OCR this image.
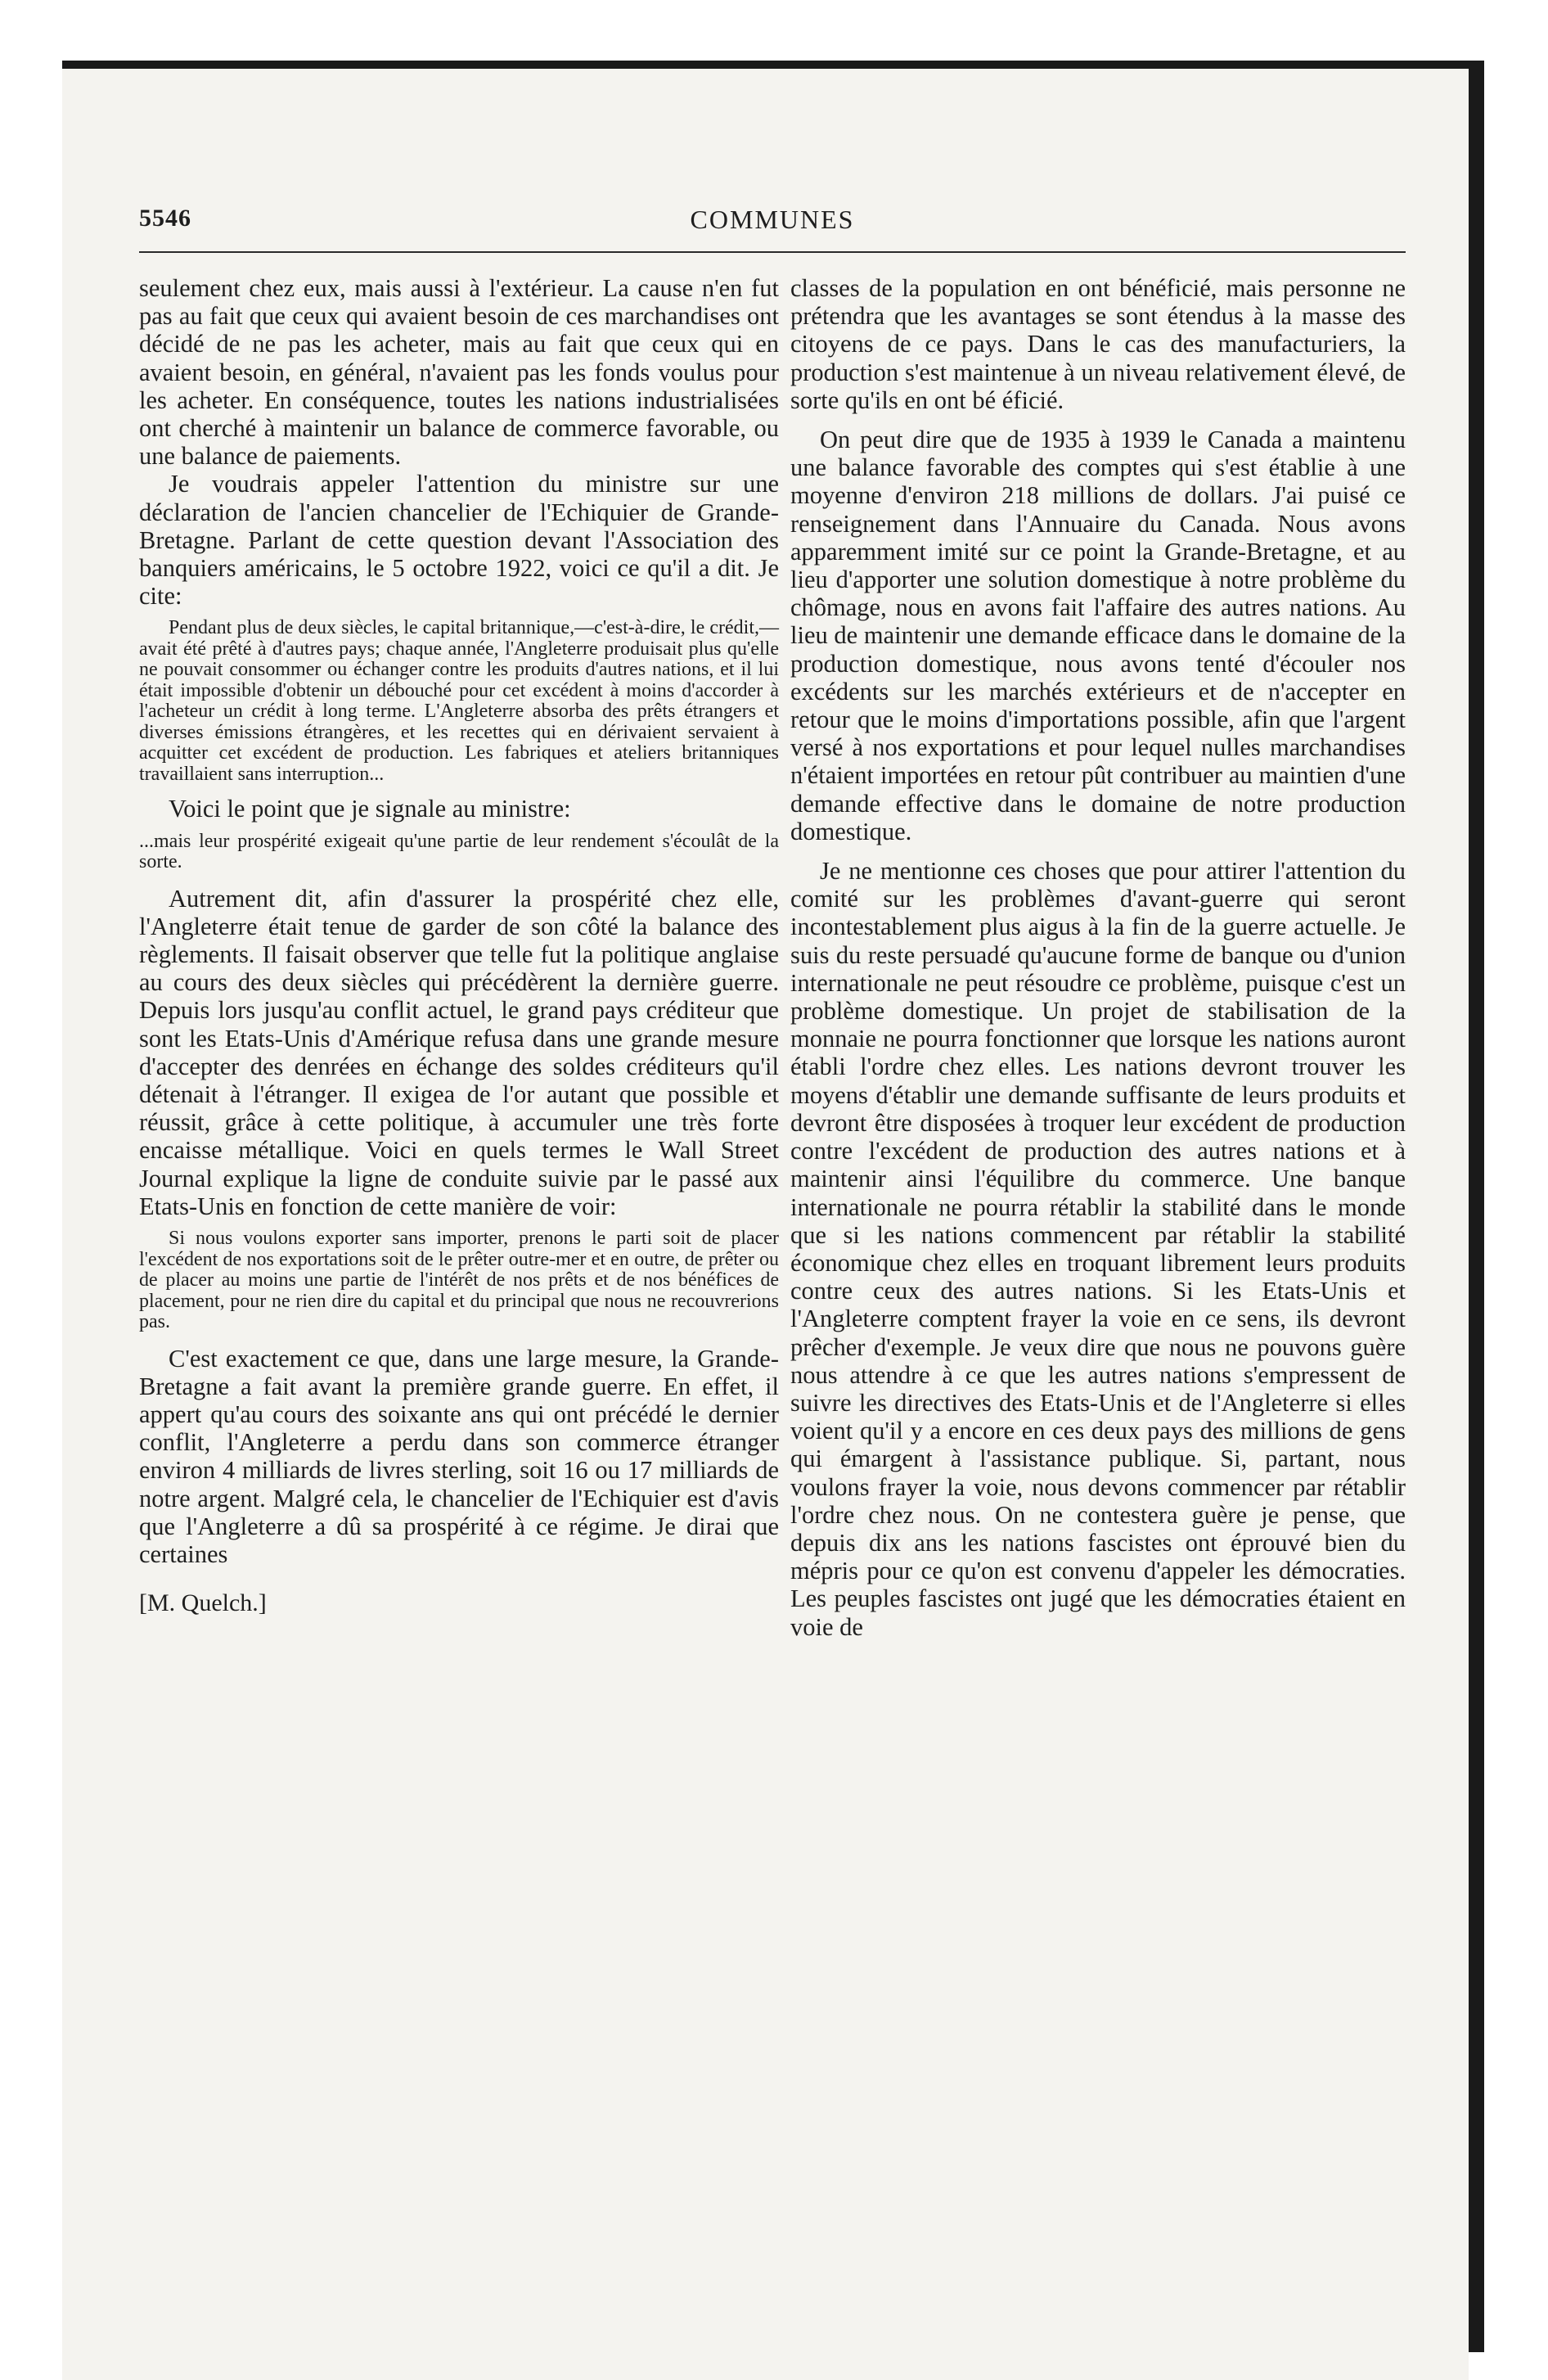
5546	COMMUNES

seulement chez eux, mais aussi à l'extérieur. La cause n'en fut pas au fait que ceux qui avaient besoin de ces marchandises ont décidé de ne pas les acheter, mais au fait que ceux qui en avaient besoin, en général, n'avaient pas les fonds voulus pour les acheter. En conséquence, toutes les nations industrialisées ont cherché à maintenir un balance de commerce favorable, ou une balance de paiements.

Je voudrais appeler l'attention du ministre sur une déclaration de l'ancien chancelier de l'Echiquier de Grande-Bretagne. Parlant de cette question devant l'Association des banquiers américains, le 5 octobre 1922, voici ce qu'il a dit. Je cite:

Pendant plus de deux siècles, le capital britannique,—c'est-à-dire, le crédit,—avait été prêté à d'autres pays; chaque année, l'Angleterre produisait plus qu'elle ne pouvait consommer ou échanger contre les produits d'autres nations, et il lui était impossible d'obtenir un débouché pour cet excédent à moins d'accorder à l'acheteur un crédit à long terme. L'Angleterre absorba des prêts étrangers et diverses émissions étrangères, et les recettes qui en dérivaient servaient à acquitter cet excédent de production. Les fabriques et ateliers britanniques travaillaient sans interruption...

Voici le point que je signale au ministre:

...mais leur prospérité exigeait qu'une partie de leur rendement s'écoulât de la sorte.

Autrement dit, afin d'assurer la prospérité chez elle, l'Angleterre était tenue de garder de son côté la balance des règlements. Il faisait observer que telle fut la politique anglaise au cours des deux siècles qui précédèrent la dernière guerre. Depuis lors jusqu'au conflit actuel, le grand pays créditeur que sont les Etats-Unis d'Amérique refusa dans une grande mesure d'accepter des denrées en échange des soldes créditeurs qu'il détenait à l'étranger. Il exigea de l'or autant que possible et réussit, grâce à cette politique, à accumuler une très forte encaisse métallique. Voici en quels termes le Wall Street Journal explique la ligne de conduite suivie par le passé aux Etats-Unis en fonction de cette manière de voir:

Si nous voulons exporter sans importer, prenons le parti soit de placer l'excédent de nos exportations soit de le prêter outre-mer et en outre, de prêter ou de placer au moins une partie de l'intérêt de nos prêts et de nos bénéfices de placement, pour ne rien dire du capital et du principal que nous ne recouvrerions pas.

C'est exactement ce que, dans une large mesure, la Grande-Bretagne a fait avant la première grande guerre. En effet, il appert qu'au cours des soixante ans qui ont précédé le dernier conflit, l'Angleterre a perdu dans son commerce étranger environ 4 milliards de livres sterling, soit 16 ou 17 milliards de notre argent. Malgré cela, le chancelier de l'Echiquier est d'avis que l'Angleterre a dû sa prospérité à ce régime. Je dirai que certaines

[M. Quelch.]

classes de la population en ont bénéficié, mais personne ne prétendra que les avantages se sont étendus à la masse des citoyens de ce pays. Dans le cas des manufacturiers, la production s'est maintenue à un niveau relativement élevé, de sorte qu'ils en ont bé éficié.

On peut dire que de 1935 à 1939 le Canada a maintenu une balance favorable des comptes qui s'est établie à une moyenne d'environ 218 millions de dollars. J'ai puisé ce renseignement dans l'Annuaire du Canada. Nous avons apparemment imité sur ce point la Grande-Bretagne, et au lieu d'apporter une solution domestique à notre problème du chômage, nous en avons fait l'affaire des autres nations. Au lieu de maintenir une demande efficace dans le domaine de la production domestique, nous avons tenté d'écouler nos excédents sur les marchés extérieurs et de n'accepter en retour que le moins d'importations possible, afin que l'argent versé à nos exportations et pour lequel nulles marchandises n'étaient importées en retour pût contribuer au maintien d'une demande effective dans le domaine de notre production domestique.

Je ne mentionne ces choses que pour attirer l'attention du comité sur les problèmes d'avant-guerre qui seront incontestablement plus aigus à la fin de la guerre actuelle. Je suis du reste persuadé qu'aucune forme de banque ou d'union internationale ne peut résoudre ce problème, puisque c'est un problème domestique. Un projet de stabilisation de la monnaie ne pourra fonctionner que lorsque les nations auront établi l'ordre chez elles. Les nations devront trouver les moyens d'établir une demande suffisante de leurs produits et devront être disposées à troquer leur excédent de production contre l'excédent de production des autres nations et à maintenir ainsi l'équilibre du commerce. Une banque internationale ne pourra rétablir la stabilité dans le monde que si les nations commencent par rétablir la stabilité économique chez elles en troquant librement leurs produits contre ceux des autres nations. Si les Etats-Unis et l'Angleterre comptent frayer la voie en ce sens, ils devront prêcher d'exemple. Je veux dire que nous ne pouvons guère nous attendre à ce que les autres nations s'empressent de suivre les directives des Etats-Unis et de l'Angleterre si elles voient qu'il y a encore en ces deux pays des millions de gens qui émargent à l'assistance publique. Si, partant, nous voulons frayer la voie, nous devons commencer par rétablir l'ordre chez nous. On ne contestera guère je pense, que depuis dix ans les nations fascistes ont éprouvé bien du mépris pour ce qu'on est convenu d'appeler les démocraties. Les peuples fascistes ont jugé que les démocraties étaient en voie de
